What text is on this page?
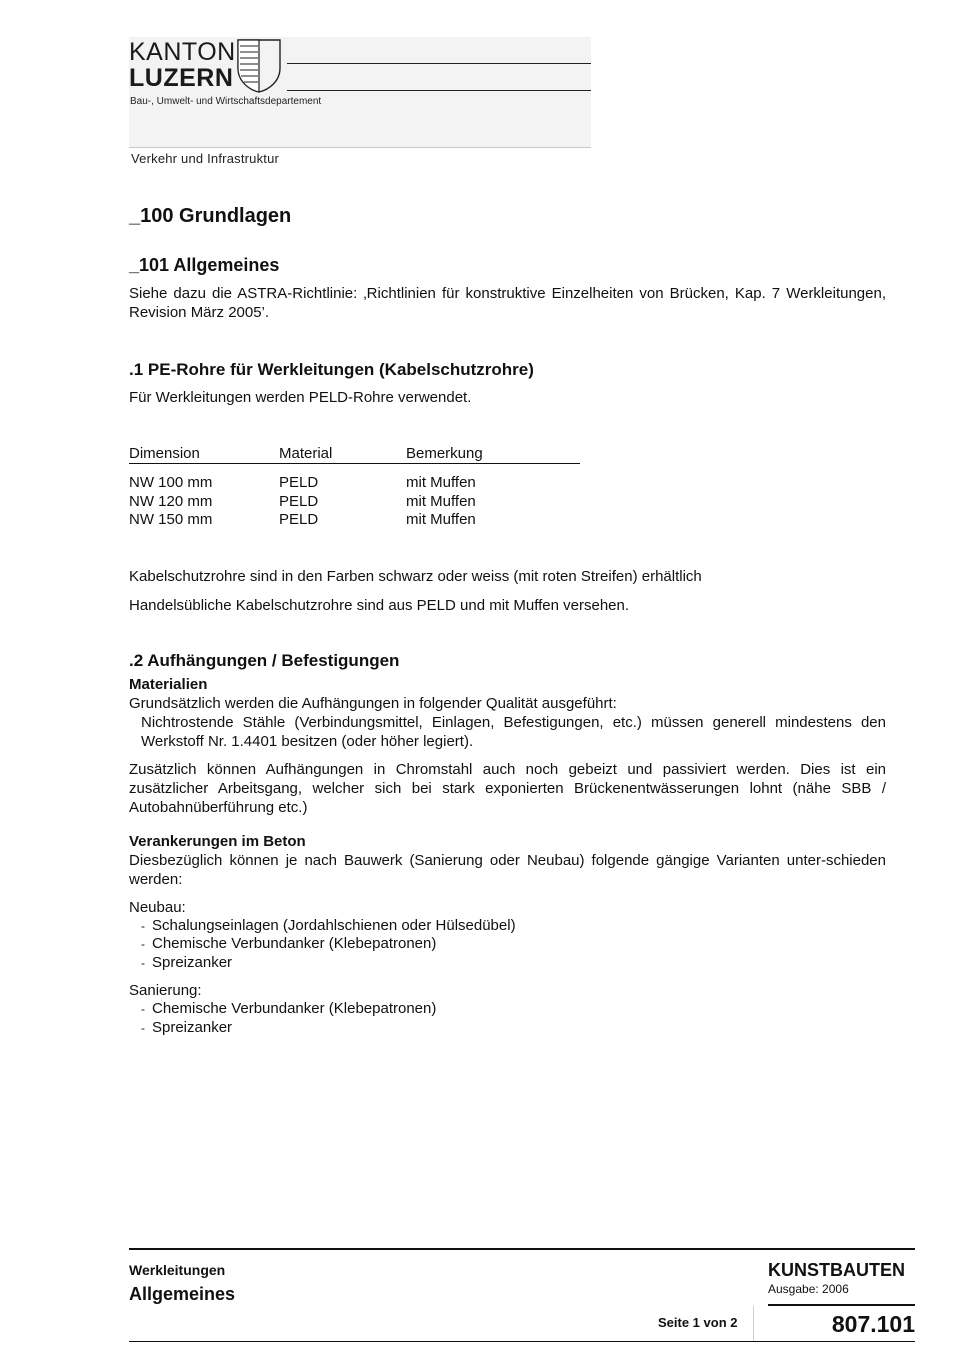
KANTON
LUZERN
Bau-, Umwelt- und Wirtschaftsdepartement
Verkehr und Infrastruktur
_100 Grundlagen
_101 Allgemeines

Siehe dazu die ASTRA-Richtlinie: ‚Richtlinien für konstruktive Einzelheiten von Brücken, Kap. 7 Werkleitungen, Revision März 2005’.

.1 PE-Rohre für Werkleitungen (Kabelschutzrohre)

Für Werkleitungen werden PELD-Rohre verwendet.

Dimension	Material	Bemerkung

NW 100 mm	PELD	mit Muffen
NW 120 mm	PELD	mit Muffen
NW 150 mm	PELD	mit Muffen

Kabelschutzrohre sind in den Farben schwarz oder weiss (mit roten Streifen) erhältlich

Handelsübliche Kabelschutzrohre sind aus PELD und mit Muffen versehen.

.2 Aufhängungen / Befestigungen
Materialien

Grundsätzlich werden die Aufhängungen in folgender Qualität ausgeführt:

Nichtrostende Stähle (Verbindungsmittel, Einlagen, Befestigungen, etc.) müssen generell mindestens den Werkstoff Nr. 1.4401 besitzen (oder höher legiert).

Zusätzlich können Aufhängungen in Chromstahl auch noch gebeizt und passiviert werden. Dies ist ein zusätzlicher Arbeitsgang, welcher sich bei stark exponierten Brückenentwässerungen lohnt (nähe SBB / Autobahnüberführung etc.)

Verankerungen im Beton

Diesbezüglich können je nach Bauwerk (Sanierung oder Neubau) folgende gängige Varianten unter-schieden werden:

Neubau:

- Schalungseinlagen (Jordahlschienen oder Hülsedübel)
- Chemische Verbundanker (Klebepatronen)
- Spreizanker

Sanierung:

- Chemische Verbundanker (Klebepatronen)
- Spreizanker
Werkleitungen
Allgemeines
KUNSTBAUTEN
Ausgabe: 2006
Seite 1 von 2	807.101
